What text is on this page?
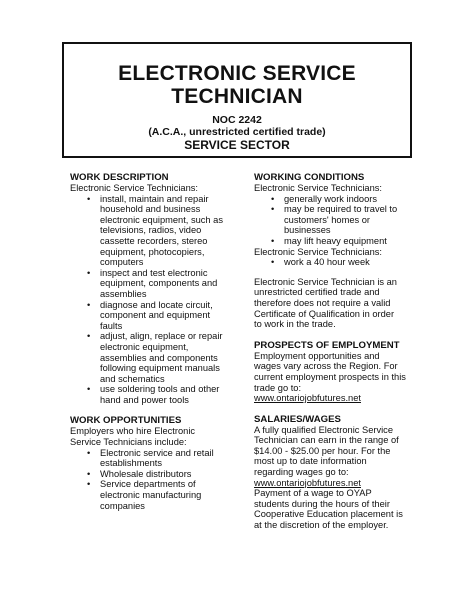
ELECTRONIC SERVICE
TECHNICIAN
NOC 2242
(A.C.A., unrestricted certified trade)
SERVICE SECTOR
WORK DESCRIPTION
Electronic Service Technicians:
• install, maintain and repair
household and business
electronic equipment, such as
televisions, radios, video
cassette recorders, stereo
equipment, photocopiers,
computers
• inspect and test electronic
equipment, components and
assemblies
• diagnose and locate circuit,
component and equipment
faults
• adjust, align, replace or repair
electronic equipment,
assemblies and components
following equipment manuals
and schematics
• use soldering tools and other
hand and power tools
WORK OPPORTUNITIES
Employers who hire Electronic
Service Technicians include:
• Electronic service and retail
establishments
• Wholesale distributors
• Service departments of
electronic manufacturing
companies
WORKING CONDITIONS
Electronic Service Technicians:
• generally work indoors
• may be required to travel to
customers' homes or
businesses
• may lift heavy equipment
Electronic Service Technicians:
• work a 40 hour week
Electronic Service Technician is an
unrestricted certified trade and
therefore does not require a valid
Certificate of Qualification in order
to work in the trade.
PROSPECTS OF EMPLOYMENT
Employment opportunities and
wages vary across the Region. For
current employment prospects in this
trade go to:
www.ontariojobfutures.net
SALARIES/WAGES
A fully qualified Electronic Service
Technician can earn in the range of
$14.00 - $25.00 per hour. For the
most up to date information
regarding wages go to:
www.ontariojobfutures.net
Payment of a wage to OYAP
students during the hours of their
Cooperative Education placement is
at the discretion of the employer.
